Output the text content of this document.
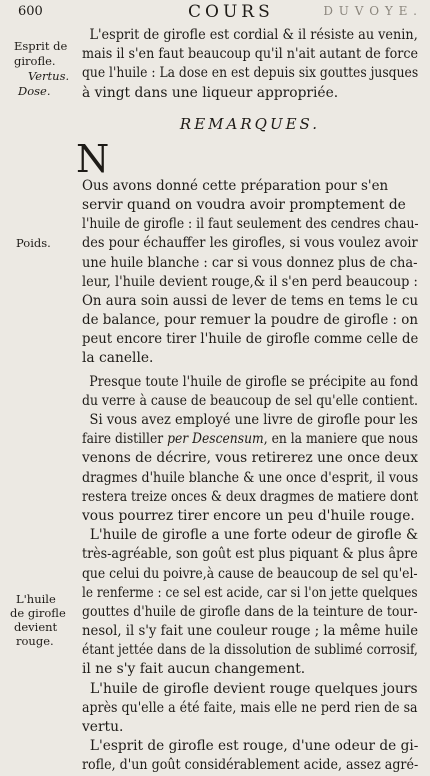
600	COURS	D U V O Y E .
Esprit de
girofle.
Vertus.
Dose.
Poids.
L'huile
de girofle
devient
rouge.
L'esprit de girofle est cordial & il résiste au venin,
mais il s'en faut beaucoup qu'il n'ait autant de force
que l'huile : La dose en est depuis six gouttes jusques
à vingt dans une liqueur appropriée.
REMARQUES.
N
Ous avons donné cette préparation pour s'en
servir quand on voudra avoir promptement de
l'huile de girofle : il faut seulement des cendres chau-
des pour échauffer les girofles, si vous voulez avoir
une huile blanche : car si vous donnez plus de cha-
leur, l'huile devient rouge,& il s'en perd beaucoup :
On aura soin aussi de lever de tems en tems le cu
de balance, pour remuer la poudre de girofle : on
peut encore tirer l'huile de girofle comme celle de
la canelle.
Presque toute l'huile de girofle se précipite au fond
du verre à cause de beaucoup de sel qu'elle contient.
Si vous avez employé une livre de girofle pour les
faire distiller per Descensum, en la maniere que nous
venons de décrire, vous retirerez une once deux
dragmes d'huile blanche & une once d'esprit, il vous
restera treize onces & deux dragmes de matiere dont
vous pourrez tirer encore un peu d'huile rouge.
L'huile de girofle a une forte odeur de girofle &
très-agréable, son goût est plus piquant & plus âpre
que celui du poivre,à cause de beaucoup de sel qu'el-
le renferme : ce sel est acide, car si l'on jette quelques
gouttes d'huile de girofle dans de la teinture de tour-
nesol, il s'y fait une couleur rouge ; la même huile
étant jettée dans de la dissolution de sublimé corrosif,
il ne s'y fait aucun changement.
L'huile de girofle devient rouge quelques jours
après qu'elle a été faite, mais elle ne perd rien de sa
vertu.
L'esprit de girofle est rouge, d'une odeur de gi-
rofle, d'un goût considérablement acide, assez agré-
